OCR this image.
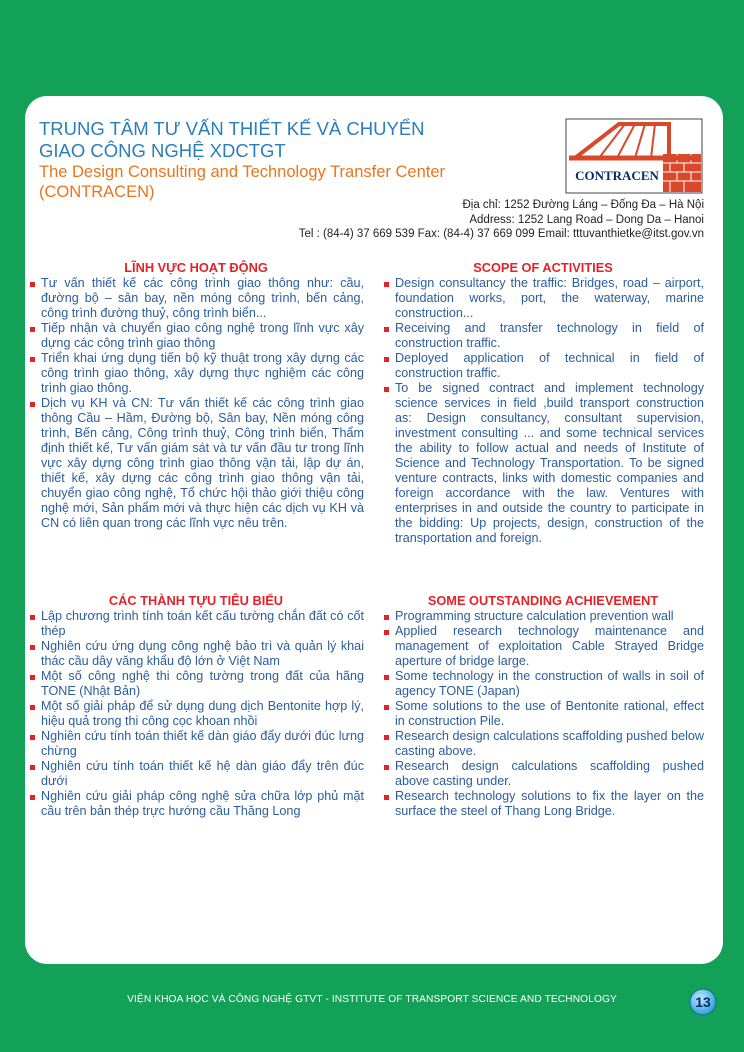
TRUNG TÂM TƯ VẤN THIẾT KẾ VÀ CHUYỂN GIAO CÔNG NGHỆ XDCTGT
The Design Consulting and Technology Transfer Center (CONTRACEN)
CONTRACEN
Địa chỉ: 1252 Đường Láng – Đống Đa – Hà Nội
Address: 1252 Lang Road – Dong Da – Hanoi
Tel : (84-4) 37 669 539 Fax: (84-4) 37 669 099 Email: tttuvanthietke@itst.gov.vn
LĨNH VỰC HOẠT ĐỘNG
Tư vấn thiết kế các công trình giao thông như: cầu, đường bộ – sân bay, nền móng công trình, bến cảng, công trình đường thuỷ, công trình biển...
Tiếp nhận và chuyển giao công nghệ trong lĩnh vực xây dựng các công trình giao thông
Triển khai ứng dụng tiến bộ kỹ thuật trong xây dựng các công trình giao thông, xây dựng thực nghiệm các công trình giao thông.
Dịch vụ KH và CN: Tư vấn thiết kế các công trình giao thông Cầu – Hầm, Đường bộ, Sân bay, Nền móng công trình, Bến cảng, Công trình thuỷ, Công trình biển, Thẩm định thiết kế, Tư vấn giám sát và tư vấn đầu tư trong lĩnh vực xây dựng công trình giao thông vận tải, lập dự án, thiết kế, xây dựng các công trình giao thông vận tải, chuyển giao công nghệ, Tổ chức hội thảo giới thiệu công nghệ mới, Sản phẩm mới và thực hiện các dịch vụ KH và CN có liên quan trong các lĩnh vực nêu trên.
SCOPE OF ACTIVITIES
Design consultancy the traffic: Bridges, road – airport, foundation works, port, the waterway, marine construction...
Receiving and transfer technology in field of construction traffic.
Deployed application of technical in field of construction traffic.
To be signed contract and implement technology science services in field ,build transport construction as: Design consultancy, consultant supervision, investment consulting ... and some technical services the ability to follow actual and needs of Institute of Science and Technology Transportation. To be signed venture contracts, links with domestic companies and foreign accordance with the law. Ventures with enterprises in and outside the country to participate in the bidding: Up projects, design, construction of the transportation and foreign.
CÁC THÀNH TỰU TIÊU BIỂU
Lập chương trình tính toán kết cấu tường chắn đất có cốt thép
Nghiên cứu ứng dụng công nghệ bảo trì và quản lý khai thác cầu dây văng khẩu độ lớn ở Việt Nam
Một số công nghệ thi công tường trong đất của hãng TONE (Nhật Bản)
Một số giải pháp để sử dụng dung dịch Bentonite hợp lý, hiệu quả trong thi công cọc khoan nhồi
Nghiên cứu tính toán thiết kế dàn giáo đẩy dưới đúc lưng chừng
Nghiên cứu tính toán thiết kế hệ dàn giáo đẩy trên đúc dưới
Nghiên cứu giải pháp công nghệ sửa chữa lớp phủ mặt cầu trên bản thép trực hướng cầu Thăng Long
SOME OUTSTANDING ACHIEVEMENT
Programming structure calculation prevention wall
Applied research technology maintenance and management of exploitation Cable Strayed Bridge aperture of bridge large.
Some technology in the construction of walls in soil of agency TONE (Japan)
Some solutions to the use of Bentonite rational, effect in construction Pile.
Research design calculations scaffolding pushed below casting above.
Research design calculations scaffolding pushed above casting under.
Research technology solutions to fix the layer on the surface the steel of Thang Long Bridge.
VIỆN KHOA HỌC VÀ CÔNG NGHỆ GTVT - INSTITUTE OF TRANSPORT SCIENCE AND TECHNOLOGY	13
